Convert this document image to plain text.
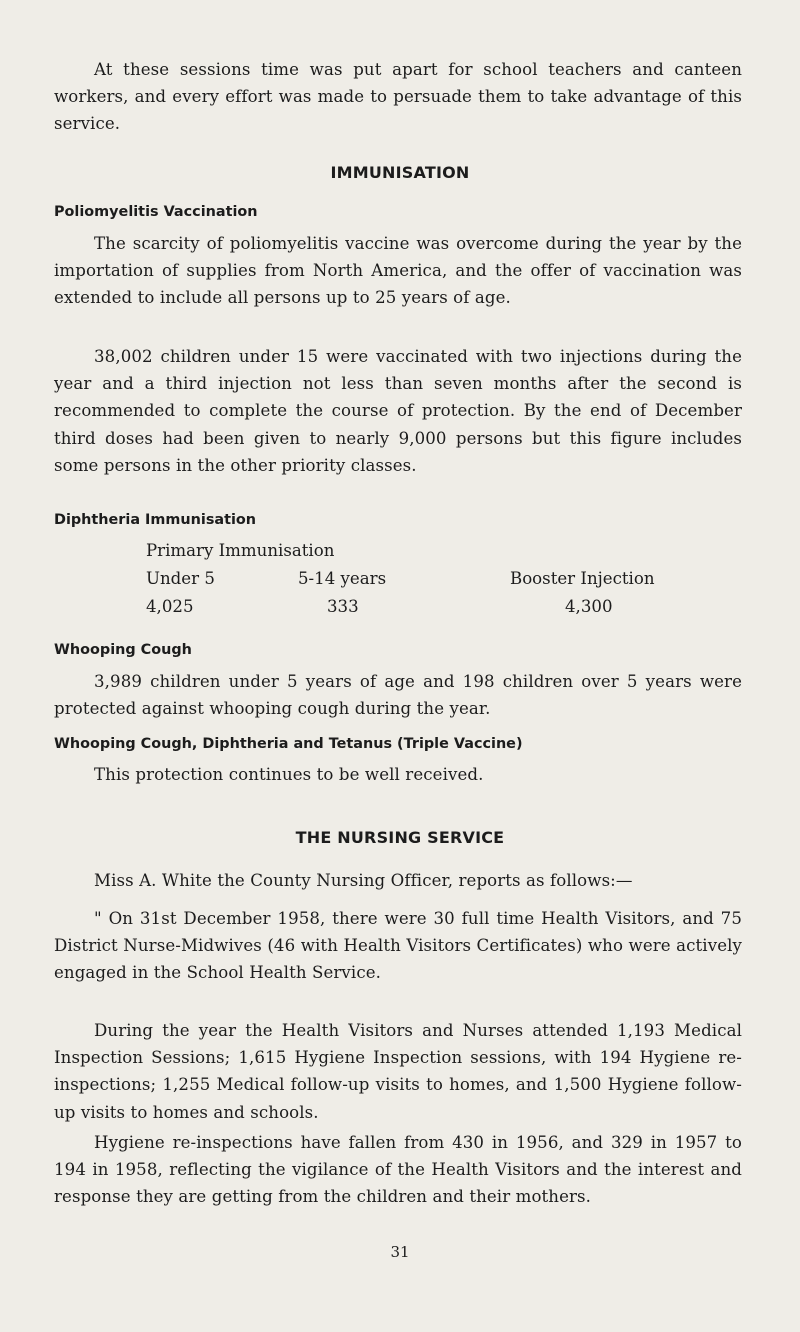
At these sessions time was put apart for school teachers and canteen workers, and every effort was made to persuade them to take advantage of this service.

IMMUNISATION
Poliomyelitis Vaccination

The scarcity of poliomyelitis vaccine was overcome during the year by the importation of supplies from North America, and the offer of vaccination was extended to include all persons up to 25 years of age.

38,002 children under 15 were vaccinated with two injections during the year and a third injection not less than seven months after the second is recommended to complete the course of protection. By the end of December third doses had been given to nearly 9,000 persons but this figure includes some persons in the other priority classes.

Diphtheria Immunisation

Primary Immunisation

Under 5	5-14 years	Booster Injection

4,025	333	4,300

Whooping Cough

3,989 children under 5 years of age and 198 children over 5 years were protected against whooping cough during the year.

Whooping Cough, Diphtheria and Tetanus (Triple Vaccine)

This protection continues to be well received.

THE NURSING SERVICE

Miss A. White the County Nursing Officer, reports as follows:—

" On 31st December 1958, there were 30 full time Health Visitors, and 75 District Nurse-Midwives (46 with Health Visitors Certificates) who were actively engaged in the School Health Service.

During the year the Health Visitors and Nurses attended 1,193 Medical Inspection Sessions; 1,615 Hygiene Inspection sessions, with 194 Hygiene re-inspections; 1,255 Medical follow-up visits to homes, and 1,500 Hygiene follow-up visits to homes and schools.

Hygiene re-inspections have fallen from 430 in 1956, and 329 in 1957 to 194 in 1958, reflecting the vigilance of the Health Visitors and the interest and response they are getting from the children and their mothers.

31
